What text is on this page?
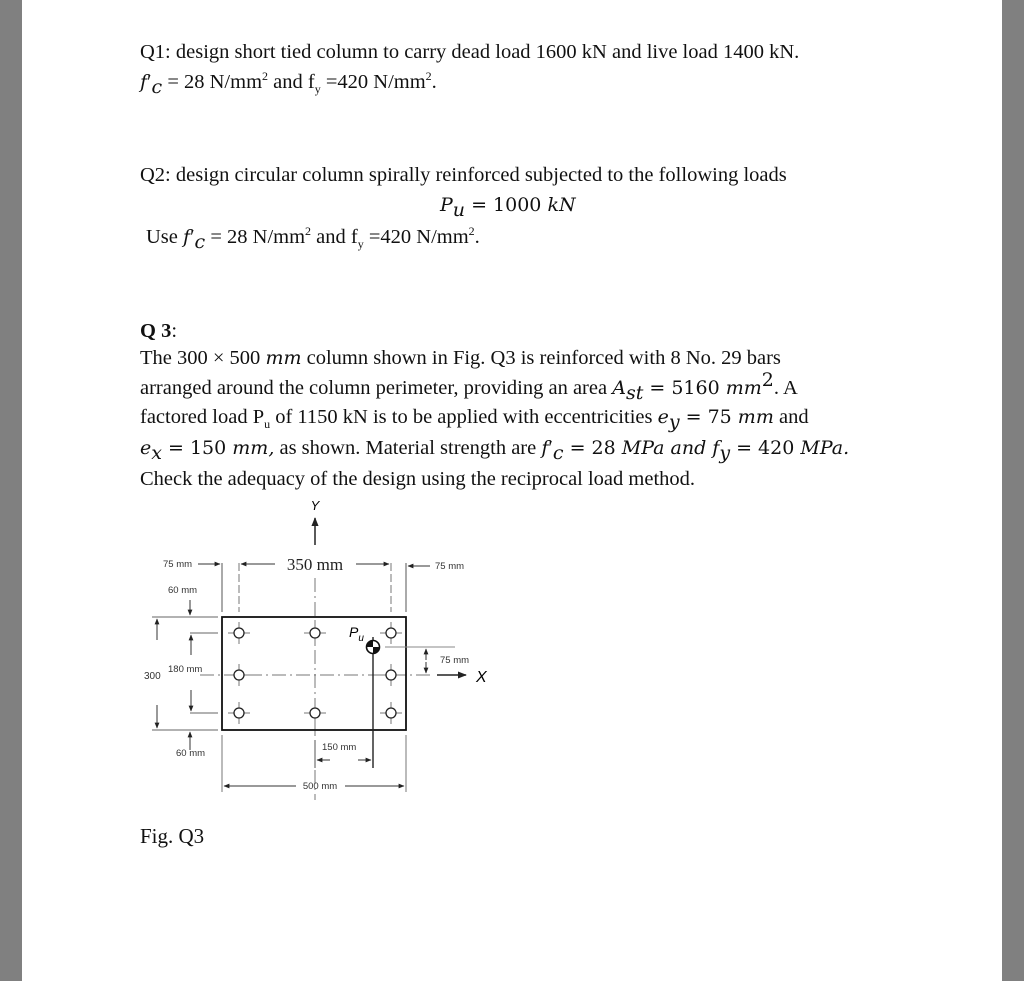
Q1: design short tied column to carry dead load 1600 kN and live load 1400 kN.
$f'_c = 28$ $N/mm^2$ and $f_y =420$ $N/mm^2$.
Q2: design circular column spirally reinforced subjected to the following loads
$P_u = 1000$ kN
Use $f'_c = 28$ $N/mm^2$ and $f_y =420$ $N/mm^2$.
Q 3:
The 300 × 500 mm column shown in Fig. Q3 is reinforced with 8 No. 29 bars
arranged around the column perimeter, providing an area $A_{st} = 5160$ $mm^2$. A
factored load $P_u$ of 1150 kN is to be applied with eccentricities $e_y = 75$ mm and
$e_x = 150$ mm, as shown. Material strength are $f'_c = 28$ MPa and $f_y = 420$ MPa.
Check the adequacy of the design using the reciprocal load method.
Y
X
$P_u$
75 mm	350 mm	75 mm
60 mm
300
180 mm
60 mm
75 mm
150 mm
500 mm
Fig. Q3
